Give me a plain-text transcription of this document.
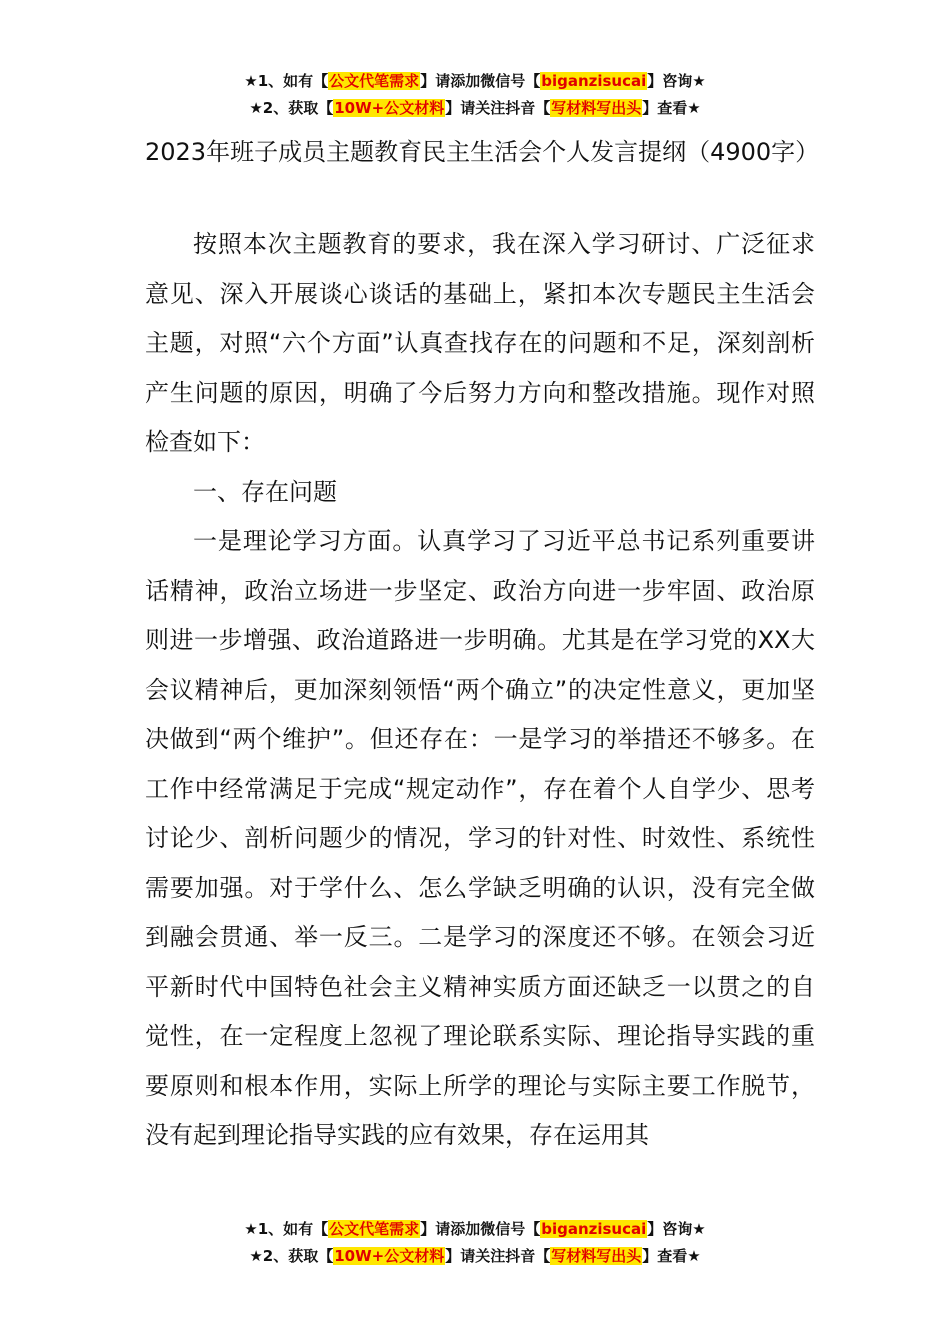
★1、如有【公文代笔需求】请添加微信号【biganzisucai】咨询★
★2、获取【10W+公文材料】请关注抖音【写材料写出头】查看★
2023年班子成员主题教育民主生活会个人发言提纲（4900字）

按照本次主题教育的要求，我在深入学习研讨、广泛征求意见、深入开展谈心谈话的基础上，紧扣本次专题民主生活会主题，对照“六个方面”认真查找存在的问题和不足，深刻剖析产生问题的原因，明确了今后努力方向和整改措施。现作对照检查如下：

一、存在问题

一是理论学习方面。认真学习了习近平总书记系列重要讲话精神，政治立场进一步坚定、政治方向进一步牢固、政治原则进一步增强、政治道路进一步明确。尤其是在学习党的XX大会议精神后，更加深刻领悟“两个确立”的决定性意义，更加坚决做到“两个维护”。但还存在：一是学习的举措还不够多。在工作中经常满足于完成“规定动作”，存在着个人自学少、思考讨论少、剖析问题少的情况，学习的针对性、时效性、系统性需要加强。对于学什么、怎么学缺乏明确的认识，没有完全做到融会贯通、举一反三。二是学习的深度还不够。在领会习近平新时代中国特色社会主义精神实质方面还缺乏一以贯之的自觉性，在一定程度上忽视了理论联系实际、理论指导实践的重要原则和根本作用，实际上所学的理论与实际主要工作脱节，没有起到理论指导实践的应有效果，存在运用其

★1、如有【公文代笔需求】请添加微信号【biganzisucai】咨询★
★2、获取【10W+公文材料】请关注抖音【写材料写出头】查看★
